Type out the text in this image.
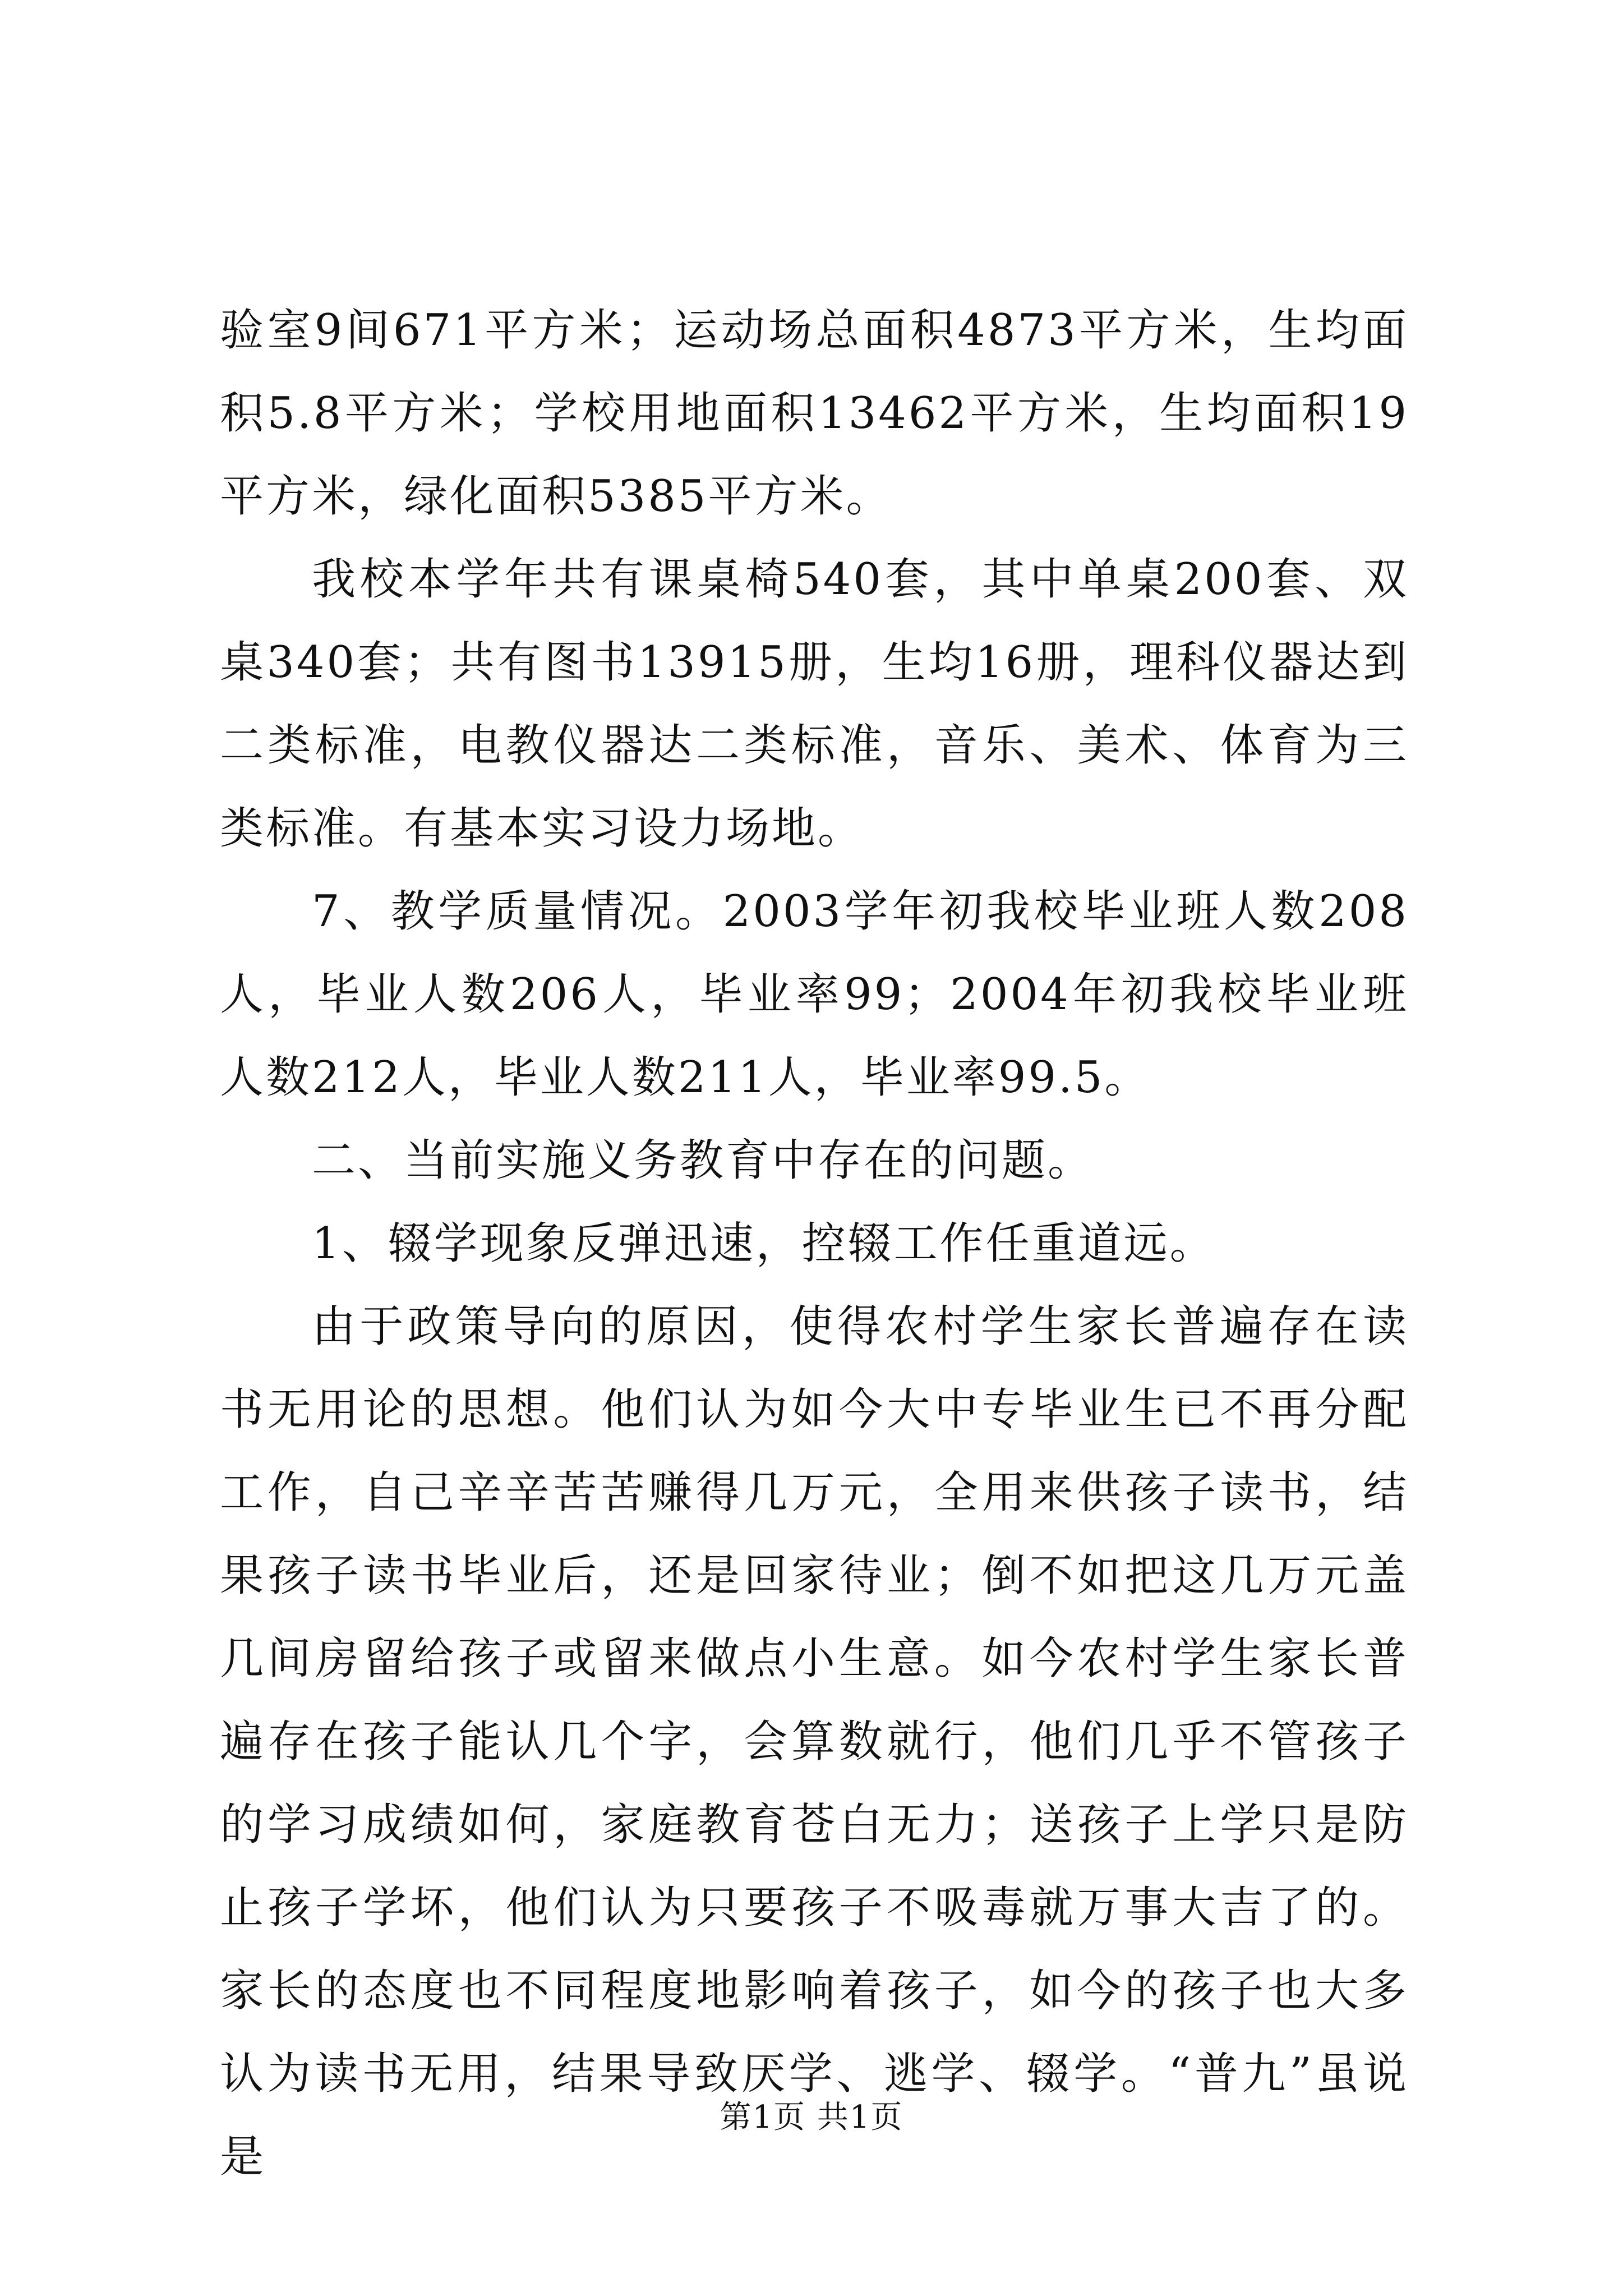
验室9间671平方米；运动场总面积4873平方米，生均面积5.8平方米；学校用地面积13462平方米，生均面积19平方米，绿化面积5385平方米。

我校本学年共有课桌椅540套，其中单桌200套、双桌340套；共有图书13915册，生均16册，理科仪器达到二类标准，电教仪器达二类标准，音乐、美术、体育为三类标准。有基本实习设力场地。

7、教学质量情况。2003学年初我校毕业班人数208人，毕业人数206人，毕业率99；2004年初我校毕业班人数212人，毕业人数211人，毕业率99.5。

二、当前实施义务教育中存在的问题。

1、辍学现象反弹迅速，控辍工作任重道远。

由于政策导向的原因，使得农村学生家长普遍存在读书无用论的思想。他们认为如今大中专毕业生已不再分配工作，自己辛辛苦苦赚得几万元，全用来供孩子读书，结果孩子读书毕业后，还是回家待业；倒不如把这几万元盖几间房留给孩子或留来做点小生意。如今农村学生家长普遍存在孩子能认几个字，会算数就行，他们几乎不管孩子的学习成绩如何，家庭教育苍白无力；送孩子上学只是防止孩子学坏，他们认为只要孩子不吸毒就万事大吉了的。家长的态度也不同程度地影响着孩子，如今的孩子也大多认为读书无用，结果导致厌学、逃学、辍学。“普九”虽说是

第1页 共1页
